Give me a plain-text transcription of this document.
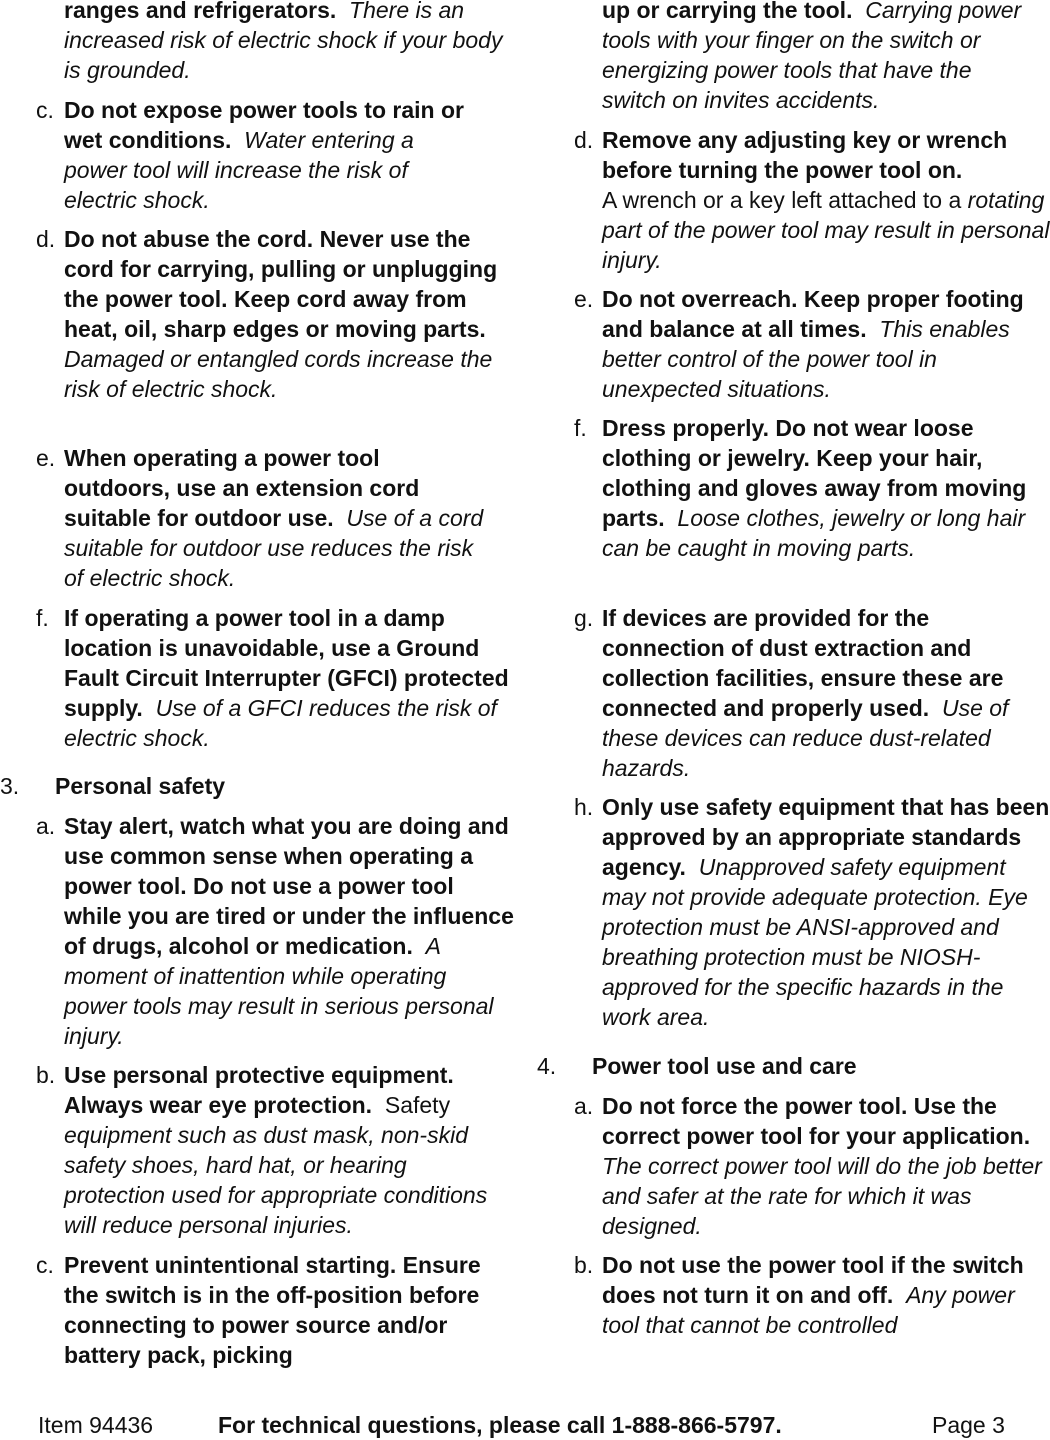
ranges and refrigerators. There is an increased risk of electric shock if your body is grounded.
c. Do not expose power tools to rain or wet conditions. Water entering a power tool will increase the risk of electric shock.
d. Do not abuse the cord. Never use the cord for carrying, pulling or unplugging the power tool. Keep cord away from heat, oil, sharp edges or moving parts.  Damaged or entangled cords increase the risk of electric shock.
e. When operating a power tool outdoors, use an extension cord suitable for outdoor use. Use of a cord suitable for outdoor use reduces the risk of electric shock.
f. If operating a power tool in a damp location is unavoidable, use a Ground Fault Circuit Interrupter (GFCI) protected supply. Use of a GFCI reduces the risk of electric shock.
3. Personal safety
a. Stay alert, watch what you are doing and use common sense when operating a power tool. Do not use a power tool while you are tired or under the influence of drugs, alcohol or medication. A moment of inattention while operating power tools may result in serious personal injury.
b. Use personal protective equipment. Always wear eye protection. Safety equipment such as dust mask, non-skid safety shoes, hard hat, or hearing protection used for appropriate conditions will reduce personal injuries.
c. Prevent unintentional starting. Ensure the switch is in the off-position before connecting to power source and/or battery pack, picking
up or carrying the tool. Carrying power tools with your finger on the switch or energizing power tools that have the switch on invites accidents.
d. Remove any adjusting key or wrench before turning the power tool on.
A wrench or a key left attached to a rotating part of the power tool may result in personal injury.
e. Do not overreach. Keep proper footing and balance at all times. This enables better control of the power tool in unexpected situations.
f. Dress properly. Do not wear loose clothing or jewelry. Keep your hair, clothing and gloves away from moving parts. Loose clothes, jewelry or long hair can be caught in moving parts.
g. If devices are provided for the connection of dust extraction and collection facilities, ensure these are connected and properly used. Use of these devices can reduce dust-related hazards.
h. Only use safety equipment that has been approved by an appropriate standards agency. Unapproved safety equipment may not provide adequate protection. Eye protection must be ANSI-approved and breathing protection must be NIOSH-approved for the specific hazards in the work area.
4. Power tool use and care
a. Do not force the power tool. Use the correct power tool for your application.  The correct power tool will do the job better and safer at the rate for which it was designed.
b. Do not use the power tool if the switch does not turn it on and off. Any power tool that cannot be controlled
Item 94436	For technical questions, please call 1-888-866-5797.	Page 3
